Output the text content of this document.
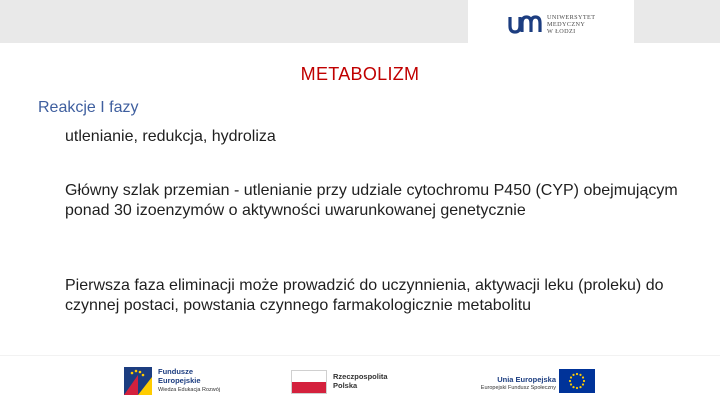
UNIWERSYTET
MEDYCZNY
W ŁODZI
METABOLIZM
Reakcje I fazy
utlenianie, redukcja, hydroliza
Główny szlak przemian - utlenianie przy udziale cytochromu P450 (CYP) obejmującym ponad 30 izoenzymów o aktywności uwarunkowanej genetycznie
Pierwsza faza eliminacji może prowadzić do uczynnienia, aktywacji leku (proleku) do czynnej postaci, powstania czynnego farmakologicznie metabolitu
Fundusze
Europejskie
Wiedza Edukacja Rozwój
Rzeczpospolita
Polska
Unia Europejska
Europejski Fundusz Społeczny
